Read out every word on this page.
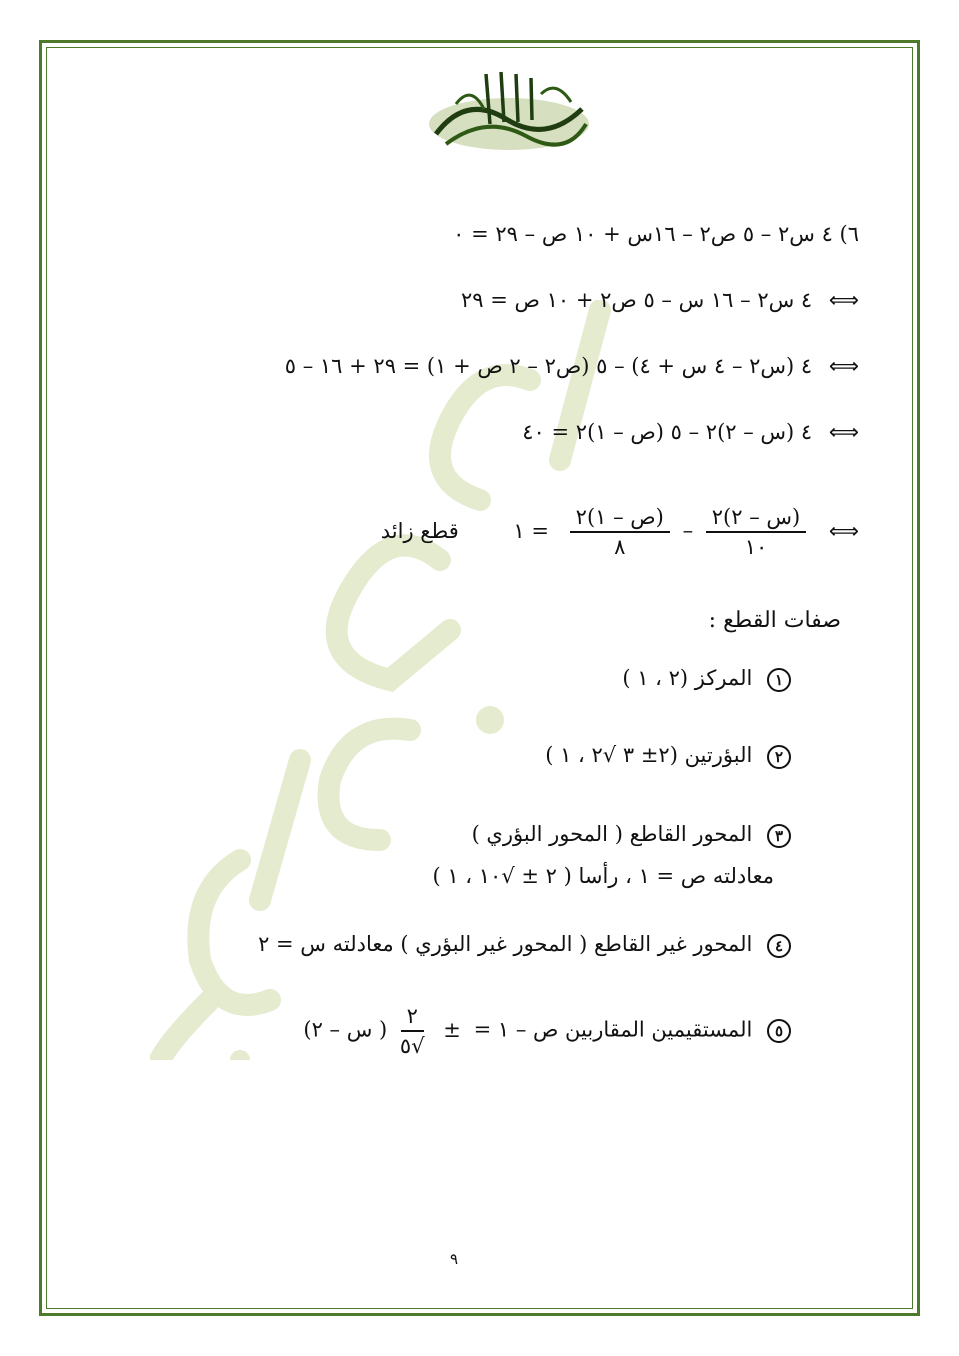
٦) ٤ س٢ – ٥ ص٢ – ١٦س + ١٠ ص – ٢٩ = ٠
⟺ ٤ س٢ – ١٦ س – ٥ ص٢ + ١٠ ص = ٢٩
⟺ ٤ (س٢ – ٤ س + ٤) – ٥ (ص٢ – ٢ ص + ١) = ٢٩ + ١٦ – ٥
⟺ ٤ (س – ٢)٢ – ٥ (ص – ١)٢ = ٤٠
⟺
$\frac{\text{(س – ٢)٢}}{١٠}$
–
$\frac{\text{(ص – ١)٢}}{٨}$
= ١ قطع زائد
صفات القطع :
١ المركز (٢ ، ١ )
٢ البؤرتين (٢± ٣ √٢ ، ١ )
٣ المحور القاطع ( المحور البؤري )
معادلته ص = ١ ، رأسا ( ٢ ± √١٠ ، ١ )
٤ المحور غير القاطع ( المحور غير البؤري ) معادلته س = ٢
٥ المستقيمين المقاربين ص – ١ = ±
$\frac{٢}{√٥}$
( س – ٢)
٩
